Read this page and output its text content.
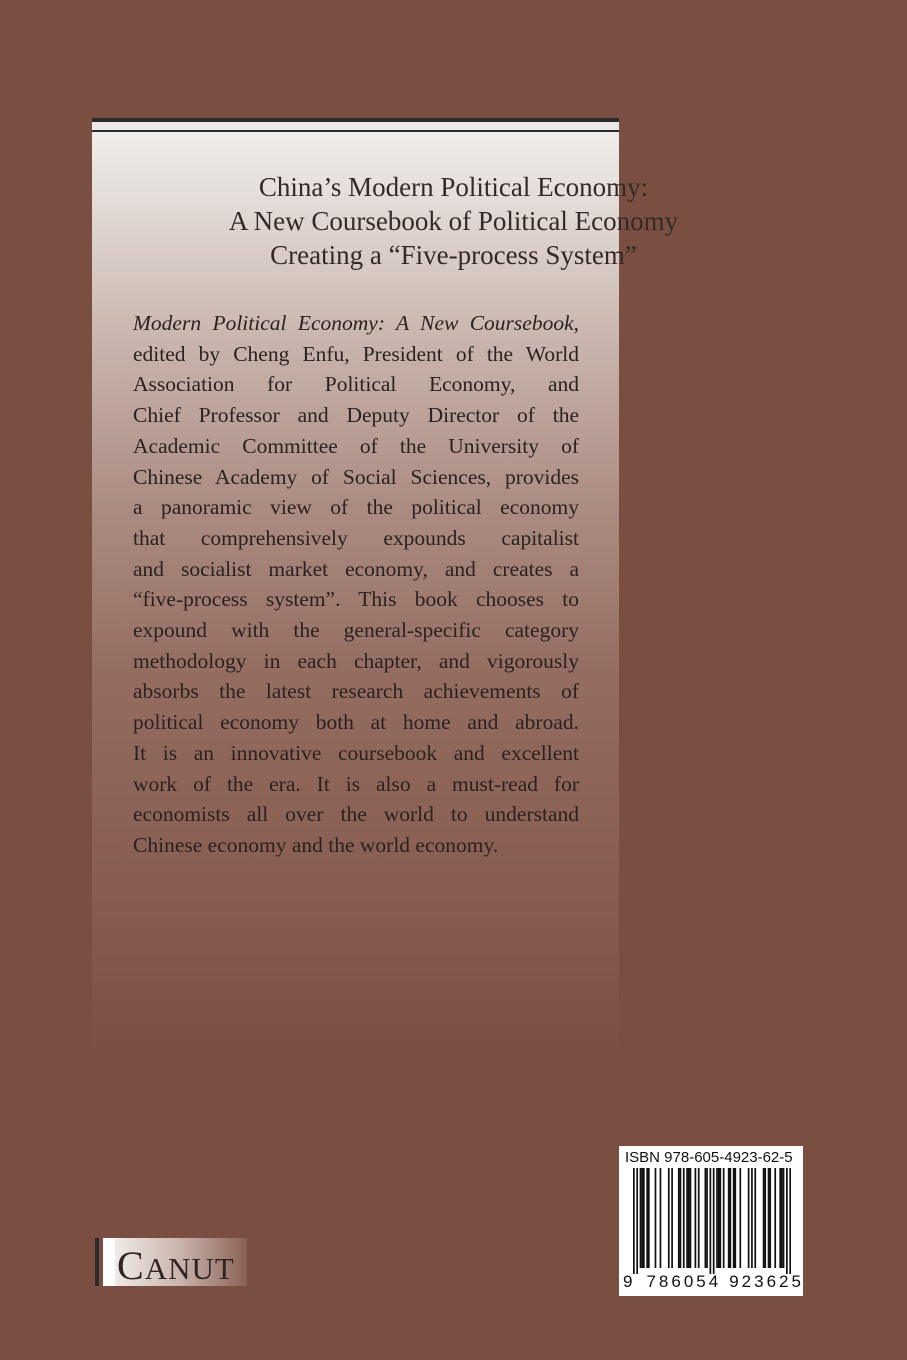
China’s Modern Political Economy:
A New Coursebook of Political Economy
Creating a “Five-process System”
Modern Political Economy: A New Coursebook,
edited by Cheng Enfu, President of the World
Association for Political Economy, and
Chief Professor and Deputy Director of the
Academic Committee of the University of
Chinese Academy of Social Sciences, provides
a panoramic view of the political economy
that comprehensively expounds capitalist
and socialist market economy, and creates a
“five-process system”. This book chooses to
expound with the general-specific category
methodology in each chapter, and vigorously
absorbs the latest research achievements of
political economy both at home and abroad.
It is an innovative coursebook and excellent
work of the era. It is also a must-read for
economists all over the world to understand
Chinese economy and the world economy.
CANUT
ISBN 978-605-4923-62-5
9 786054 923625
